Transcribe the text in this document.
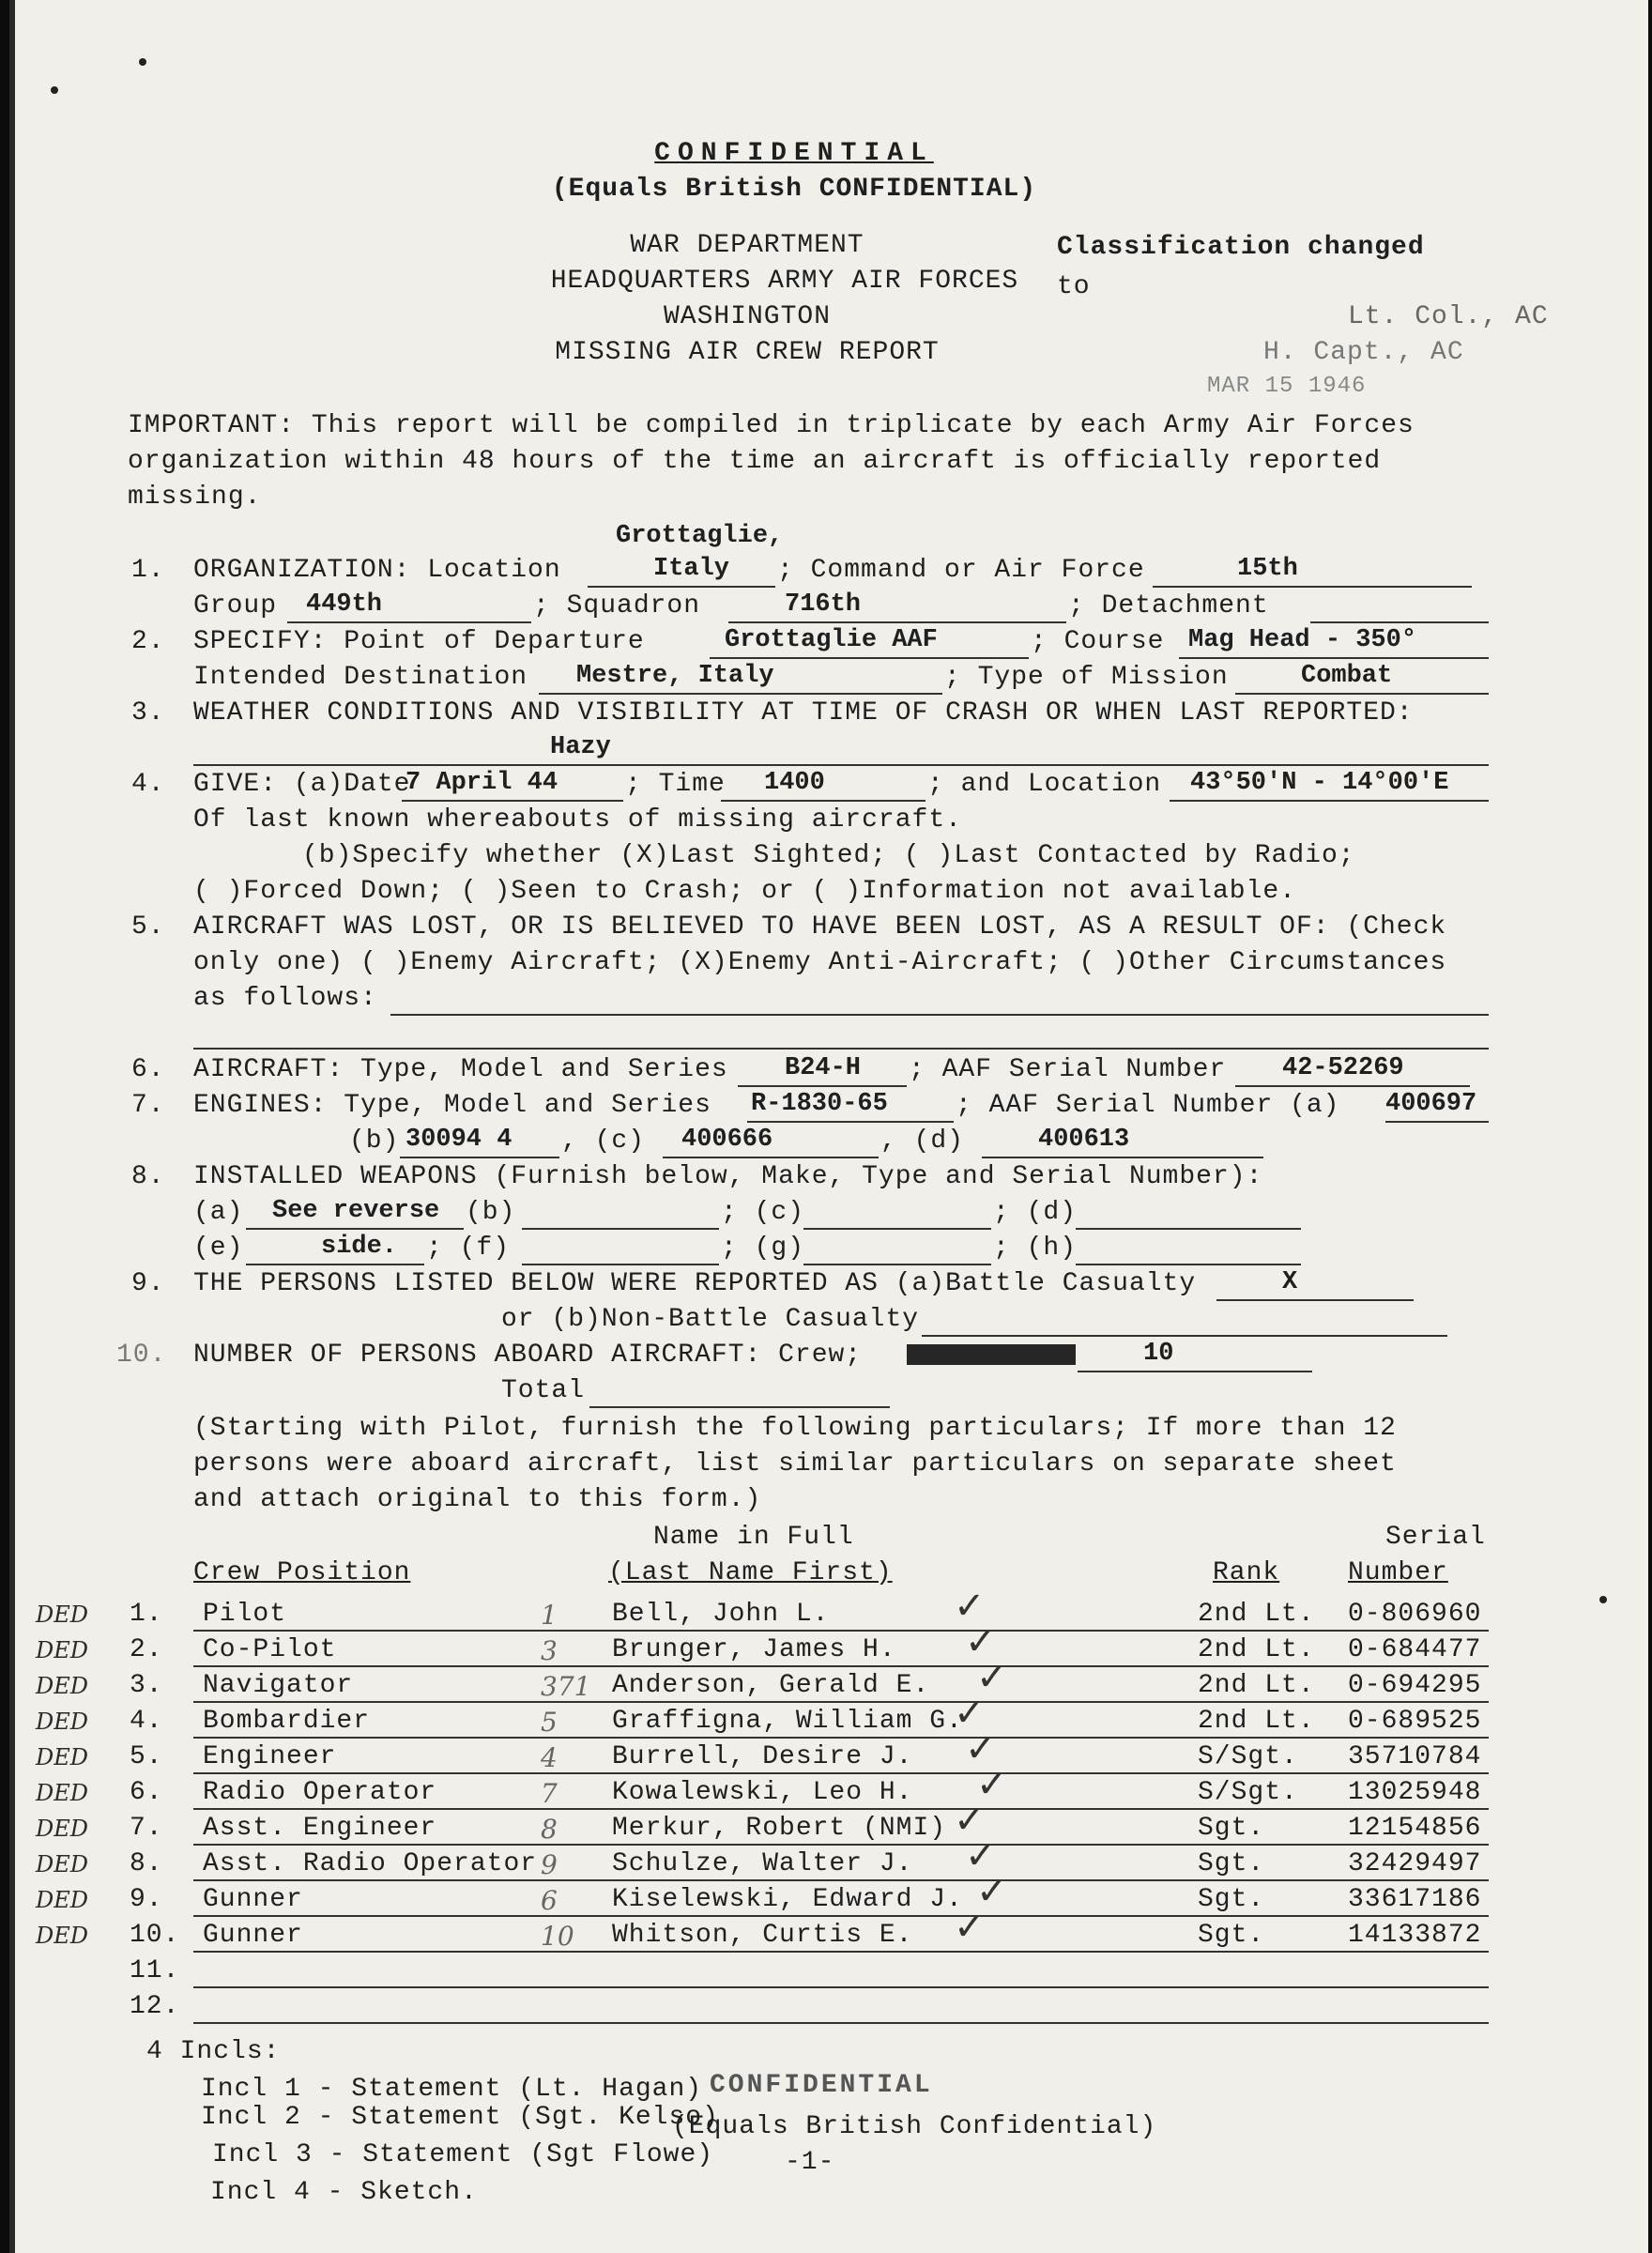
CONFIDENTIAL
(Equals British CONFIDENTIAL)
WAR DEPARTMENT
HEADQUARTERS ARMY AIR FORCES
WASHINGTON
MISSING AIR CREW REPORT
Classification changed
to
Lt. Col., AC
H. Capt., AC
MAR 15 1946
IMPORTANT: This report will be compiled in triplicate by each Army Air Forces
organization within 48 hours of the time an aircraft is officially reported
missing.
Grottaglie,
1. ORGANIZATION: Location	Italy ; Command or Air Force	15th
Group 449th	; Squadron	716th	; Detachment
2. SPECIFY: Point of Departure	Grottaglie AAF	; Course Mag Head - 350°
Intended Destination Mestre, Italy	; Type of Mission	Combat
3. WEATHER CONDITIONS AND VISIBILITY AT TIME OF CRASH OR WHEN LAST REPORTED:
Hazy
4. GIVE: (a)Date
7 April 44	; Time 1400	; and Location 43°50'N - 14°00'E
Of last known whereabouts of missing aircraft.
(b)Specify whether (X)Last Sighted; ( )Last Contacted by Radio;
( )Forced Down; ( )Seen to Crash; or ( )Information not available.
5. AIRCRAFT WAS LOST, OR IS BELIEVED TO HAVE BEEN LOST, AS A RESULT OF: (Check
only one) ( )Enemy Aircraft; (X)Enemy Anti-Aircraft; ( )Other Circumstances
as follows:
6. AIRCRAFT: Type, Model and Series B24-H ; AAF Serial Number 42-52269
7. ENGINES: Type, Model and Series R-1830-65	; AAF Serial Number (a) 400697
(b) 30094 4 , (c) 400666	, (d)	400613
8. INSTALLED WEAPONS (Furnish below, Make, Type and Serial Number):
(a) See reverse (b)	; (c)	; (d)
(e)	side. ; (f)	; (g)	; (h)
9. THE PERSONS LISTED BELOW WERE REPORTED AS (a)Battle Casualty	X
or (b)Non-Battle Casualty
10. NUMBER OF PERSONS ABOARD AIRCRAFT: Crew;	10
Total
(Starting with Pilot, furnish the following particulars; If more than 12
persons were aboard aircraft, list similar particulars on separate sheet
and attach original to this form.)
Name in Full	Serial
Crew Position	(Last Name First)	Rank	Number
DED 1. Pilot	1 Bell, John L.	2nd Lt. 0-806960
✓
DED 2. Co-Pilot	3 Brunger, James H.	2nd Lt. 0-684477
✓
DED 3. Navigator	371 Anderson, Gerald E.	2nd Lt. 0-694295
✓
DED 4. Bombardier	5 Graffigna, William G.	2nd Lt. 0-689525
✓
DED 5. Engineer	4 Burrell, Desire J.	S/Sgt. 35710784
✓
DED 6. Radio Operator	7 Kowalewski, Leo H.	S/Sgt. 13025948
✓
DED 7. Asst. Engineer	8 Merkur, Robert (NMI)	Sgt.	12154856
✓
DED 8. Asst. Radio Operator 9 Schulze, Walter J.	Sgt.	32429497
✓
DED 9. Gunner	6 Kiselewski, Edward J.	Sgt.	33617186
✓
DED 10. Gunner	10 Whitson, Curtis E.	Sgt.	14133872
✓
11.
12.
4 Incls:
Incl 1 - Statement (Lt. Hagan) CONFIDENTIAL
Incl 2 - Statement (Sgt. Kelso)
(Equals British Confidential)
Incl 3 - Statement (Sgt Flowe)	-1-
Incl 4 - Sketch.
